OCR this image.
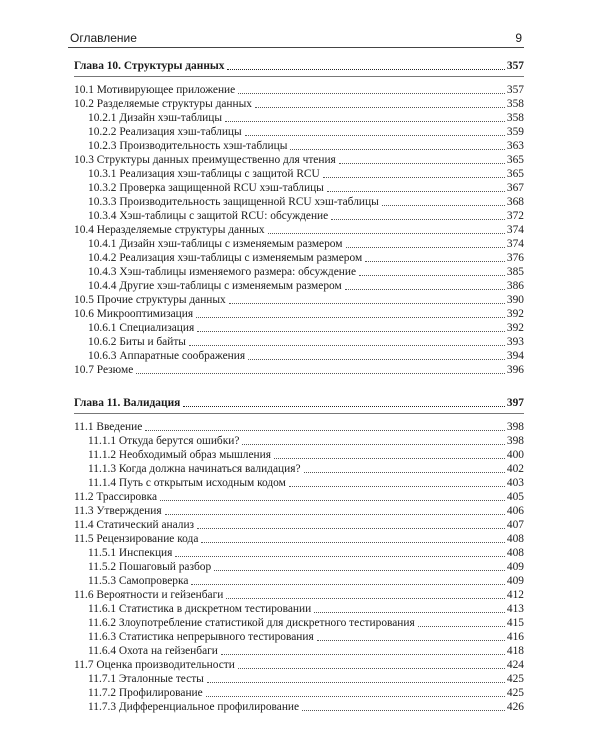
Оглавление	9
Глава 10. Структуры данных	357
10.1 Мотивирующее приложение	357
10.2 Разделяемые структуры данных	358
10.2.1 Дизайн хэш-таблицы	358
10.2.2 Реализация хэш-таблицы	359
10.2.3 Производительность хэш-таблицы	363
10.3 Структуры данных преимущественно для чтения	365
10.3.1 Реализация хэш-таблицы с защитой RCU	365
10.3.2 Проверка защищенной RCU хэш-таблицы	367
10.3.3 Производительность защищенной RCU хэш-таблицы	368
10.3.4 Хэш-таблицы с защитой RCU: обсуждение	372
10.4 Неразделяемые структуры данных	374
10.4.1 Дизайн хэш-таблицы с изменяемым размером	374
10.4.2 Реализация хэш-таблицы с изменяемым размером	376
10.4.3 Хэш-таблицы изменяемого размера: обсуждение	385
10.4.4 Другие хэш-таблицы с изменяемым размером	386
10.5 Прочие структуры данных	390
10.6 Микрооптимизация	392
10.6.1 Специализация	392
10.6.2 Биты и байты	393
10.6.3 Аппаратные соображения	394
10.7 Резюме	396
Глава 11. Валидация	397
11.1 Введение	398
11.1.1 Откуда берутся ошибки?	398
11.1.2 Необходимый образ мышления	400
11.1.3 Когда должна начинаться валидация?	402
11.1.4 Путь с открытым исходным кодом	403
11.2 Трассировка	405
11.3 Утверждения	406
11.4 Статический анализ	407
11.5 Рецензирование кода	408
11.5.1 Инспекция	408
11.5.2 Пошаговый разбор	409
11.5.3 Самопроверка	409
11.6 Вероятности и гейзенбаги	412
11.6.1 Статистика в дискретном тестировании	413
11.6.2 Злоупотребление статистикой для дискретного тестирования	415
11.6.3 Статистика непрерывного тестирования	416
11.6.4 Охота на гейзенбаги	418
11.7 Оценка производительности	424
11.7.1 Эталонные тесты	425
11.7.2 Профилирование	425
11.7.3 Дифференциальное профилирование	426
